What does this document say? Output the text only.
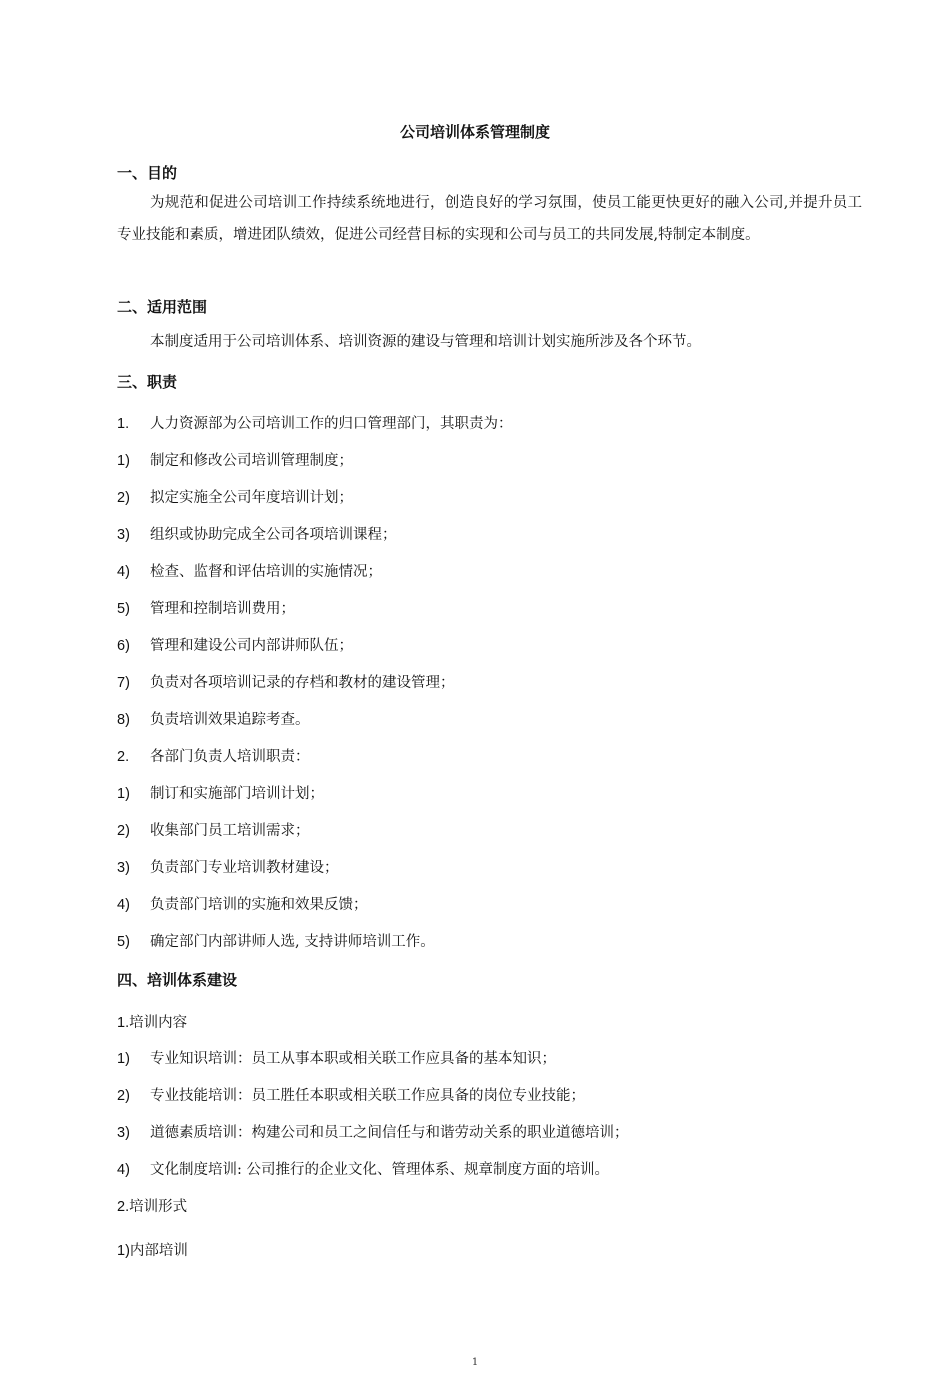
公司培训体系管理制度
一、目的
为规范和促进公司培训工作持续系统地进行，创造良好的学习氛围，使员工能更快更好的融入公司,并提升员工专业技能和素质，增进团队绩效，促进公司经营目标的实现和公司与员工的共同发展,特制定本制度。
二、适用范围
本制度适用于公司培训体系、培训资源的建设与管理和培训计划实施所涉及各个环节。
三、职责
1. 人力资源部为公司培训工作的归口管理部门，其职责为：
1) 制定和修改公司培训管理制度；
2) 拟定实施全公司年度培训计划；
3) 组织或协助完成全公司各项培训课程；
4) 检查、监督和评估培训的实施情况；
5) 管理和控制培训费用；
6) 管理和建设公司内部讲师队伍；
7) 负责对各项培训记录的存档和教材的建设管理；
8) 负责培训效果追踪考查。
2. 各部门负责人培训职责：
1) 制订和实施部门培训计划；
2) 收集部门员工培训需求；
3) 负责部门专业培训教材建设；
4) 负责部门培训的实施和效果反馈；
5) 确定部门内部讲师人选, 支持讲师培训工作。
四、培训体系建设
1.培训内容
1) 专业知识培训：员工从事本职或相关联工作应具备的基本知识；
2) 专业技能培训：员工胜任本职或相关联工作应具备的岗位专业技能；
3) 道德素质培训：构建公司和员工之间信任与和谐劳动关系的职业道德培训；
4) 文化制度培训: 公司推行的企业文化、管理体系、规章制度方面的培训。
2.培训形式
1)内部培训
1
